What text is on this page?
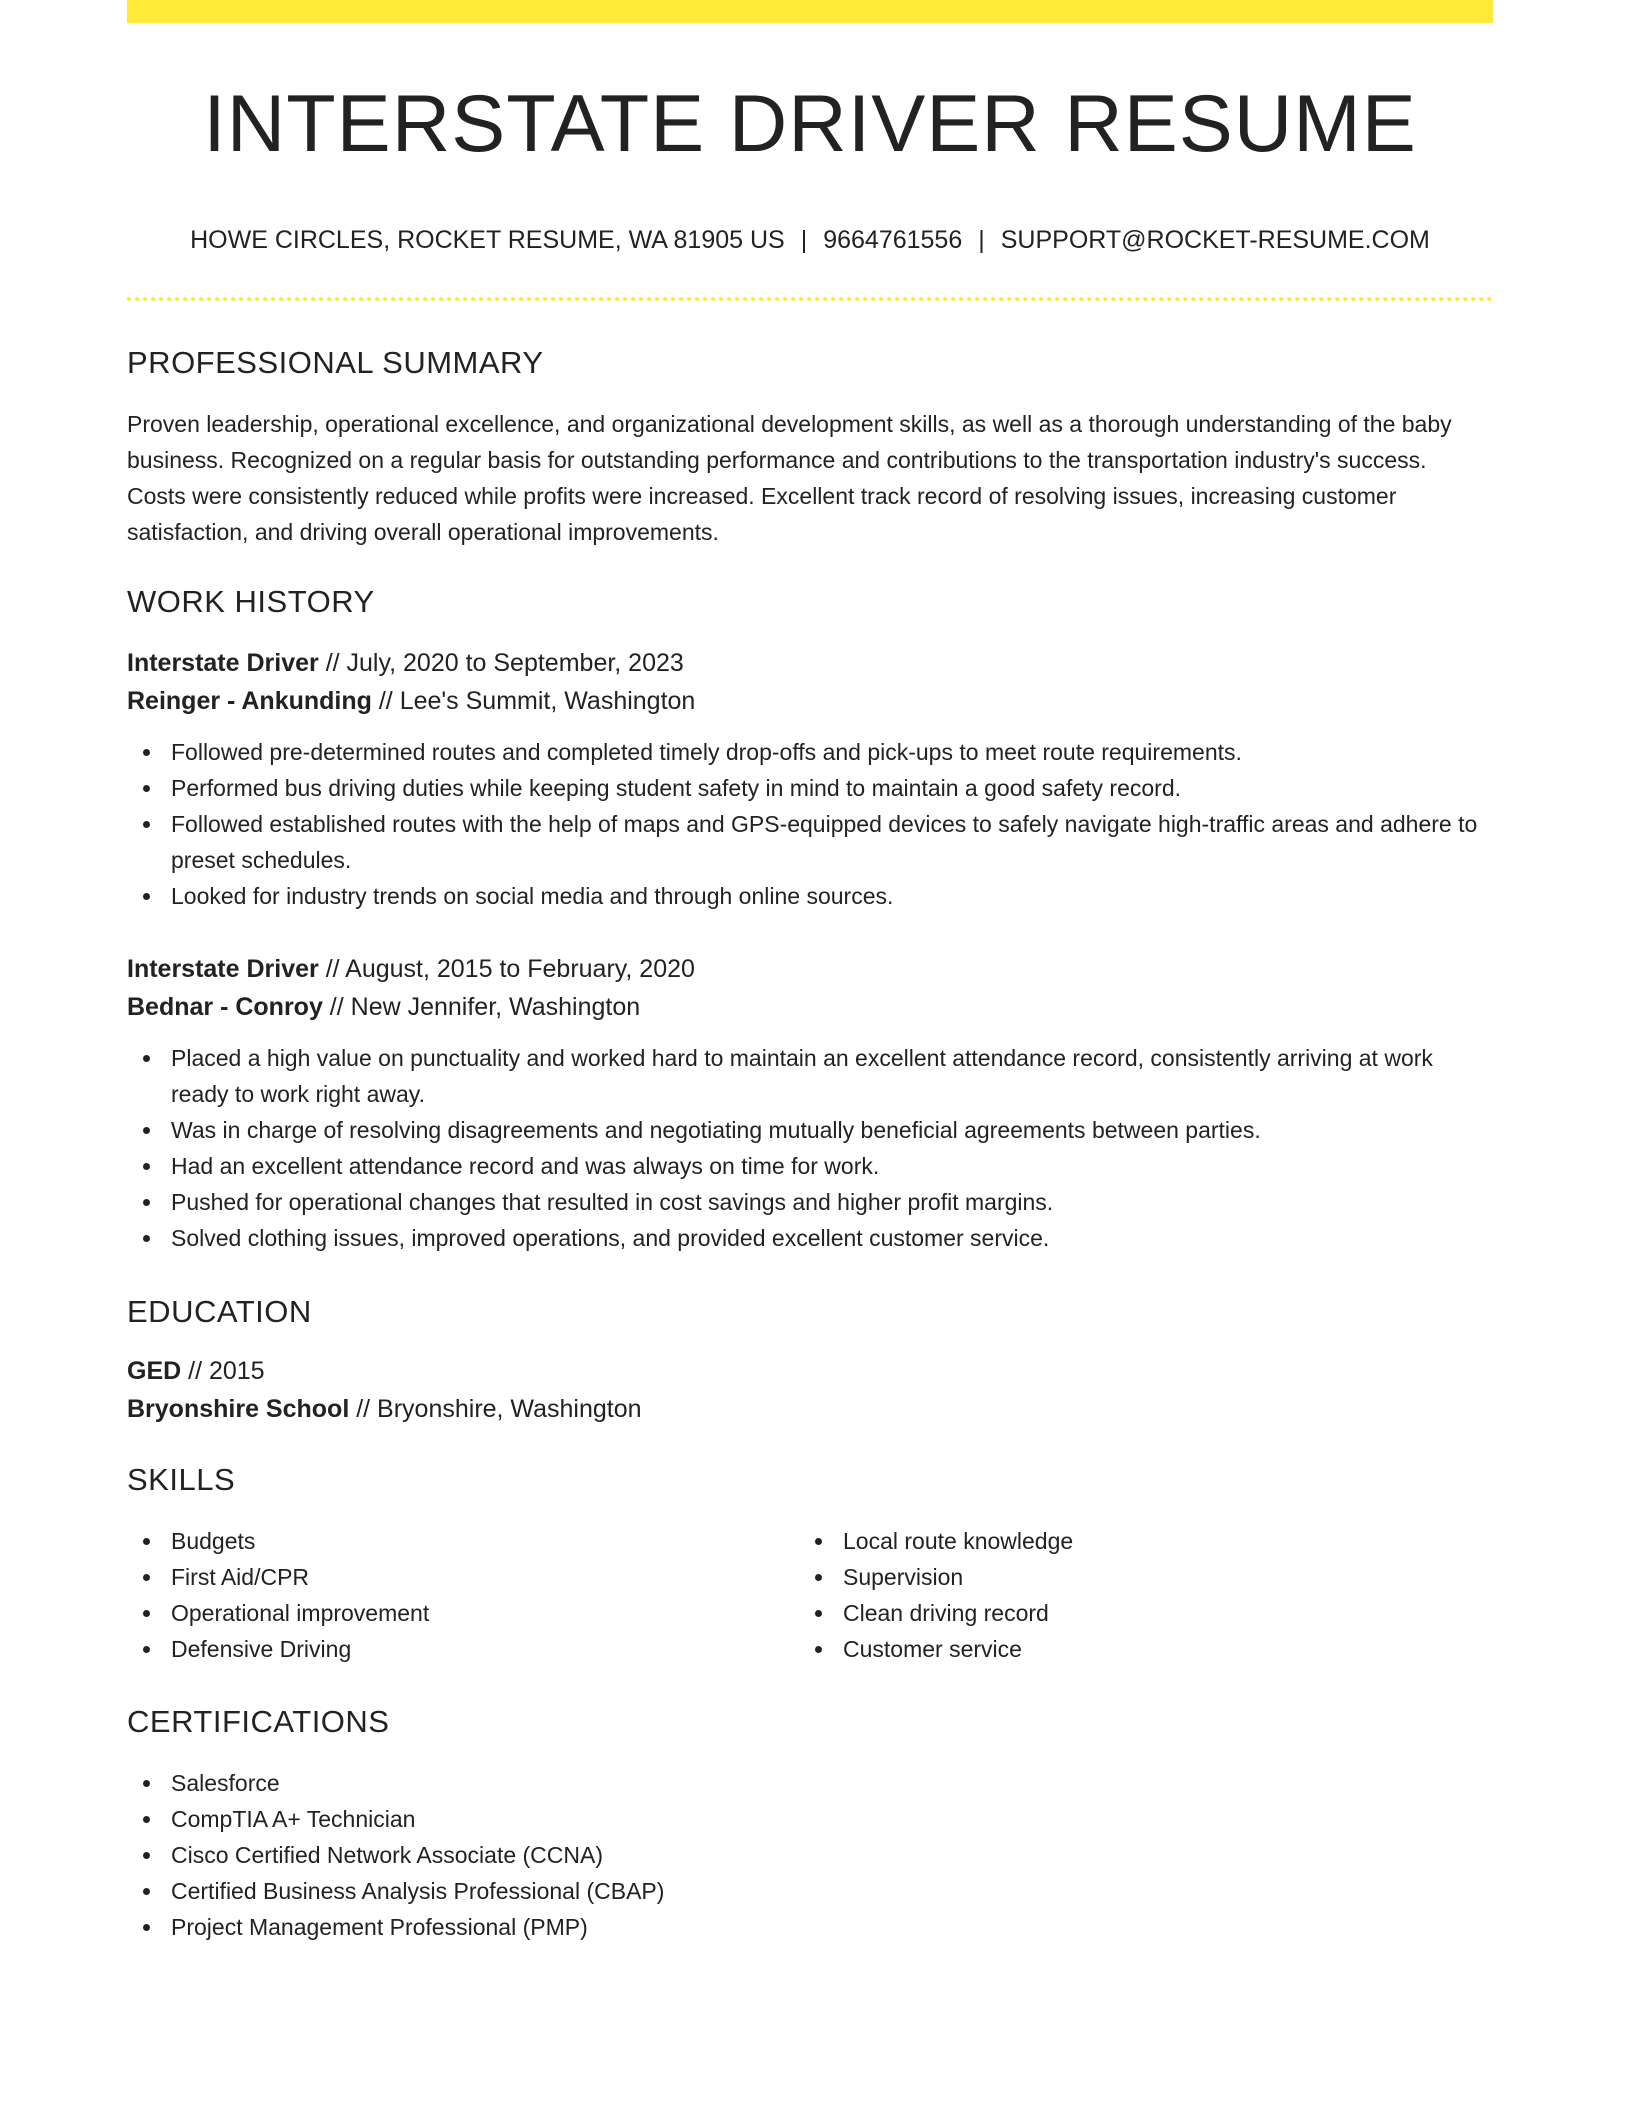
INTERSTATE DRIVER RESUME
HOWE CIRCLES, ROCKET RESUME, WA 81905 US | 9664761556 | SUPPORT@ROCKET-RESUME.COM
PROFESSIONAL SUMMARY

Proven leadership, operational excellence, and organizational development skills, as well as a thorough understanding of the baby business. Recognized on a regular basis for outstanding performance and contributions to the transportation industry's success. Costs were consistently reduced while profits were increased. Excellent track record of resolving issues, increasing customer satisfaction, and driving overall operational improvements.

WORK HISTORY
Interstate Driver // July, 2020 to September, 2023
Reinger - Ankunding // Lee's Summit, Washington
Followed pre-determined routes and completed timely drop-offs and pick-ups to meet route requirements.
Performed bus driving duties while keeping student safety in mind to maintain a good safety record.
Followed established routes with the help of maps and GPS-equipped devices to safely navigate high-traffic areas and adhere to preset schedules.
Looked for industry trends on social media and through online sources.
Interstate Driver // August, 2015 to February, 2020
Bednar - Conroy // New Jennifer, Washington
Placed a high value on punctuality and worked hard to maintain an excellent attendance record, consistently arriving at work ready to work right away.
Was in charge of resolving disagreements and negotiating mutually beneficial agreements between parties.
Had an excellent attendance record and was always on time for work.
Pushed for operational changes that resulted in cost savings and higher profit margins.
Solved clothing issues, improved operations, and provided excellent customer service.
EDUCATION
GED // 2015
Bryonshire School // Bryonshire, Washington
SKILLS
Budgets
First Aid/CPR
Operational improvement
Defensive Driving
Local route knowledge
Supervision
Clean driving record
Customer service
CERTIFICATIONS
Salesforce
CompTIA A+ Technician
Cisco Certified Network Associate (CCNA)
Certified Business Analysis Professional (CBAP)
Project Management Professional (PMP)
